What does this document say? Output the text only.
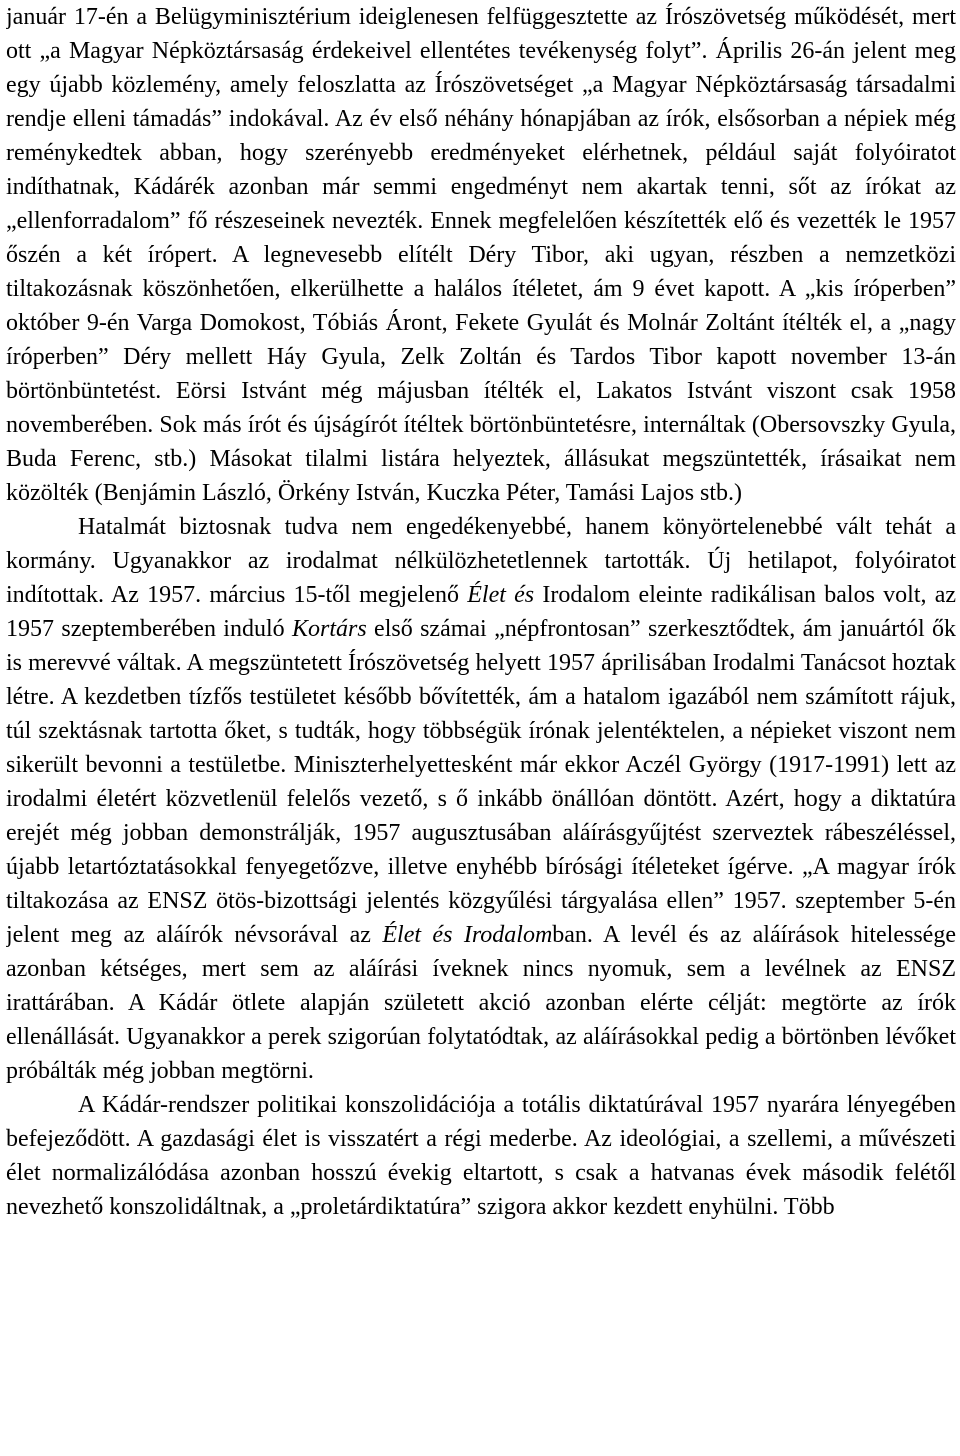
január 17-én a Belügyminisztérium ideiglenesen felfüggesztette az Írószövetség működését, mert ott „a Magyar Népköztársaság érdekeivel ellentétes tevékenység folyt”. Április 26-án jelent meg egy újabb közlemény, amely feloszlatta az Írószövetséget „a Magyar Népköztársaság társadalmi rendje elleni támadás” indokával. Az év első néhány hónapjában az írók, elsősorban a népiek még reménykedtek abban, hogy szerényebb eredményeket elérhetnek, például saját folyóiratot indíthatnak, Kádárék azonban már semmi engedményt nem akartak tenni, sőt az írókat az „ellenforradalom” fő részeseinek nevezték. Ennek megfelelően készítették elő és vezették le 1957 őszén a két írópert. A legnevesebb elítélt Déry Tibor, aki ugyan, részben a nemzetközi tiltakozásnak köszönhetően, elkerülhette a halálos ítéletet, ám 9 évet kapott. A „kis íróperben” október 9-én Varga Domokost, Tóbiás Áront, Fekete Gyulát és Molnár Zoltánt ítélték el, a „nagy íróperben” Déry mellett Háy Gyula, Zelk Zoltán és Tardos Tibor kapott november 13-án börtönbüntetést. Eörsi Istvánt még májusban ítélték el, Lakatos Istvánt viszont csak 1958 novemberében. Sok más írót és újságírót ítéltek börtönbüntetésre, internáltak (Obersovszky Gyula, Buda Ferenc, stb.) Másokat tilalmi listára helyeztek, állásukat megszüntették, írásaikat nem közölték (Benjámin László, Örkény István, Kuczka Péter, Tamási Lajos stb.)

Hatalmát biztosnak tudva nem engedékenyebbé, hanem könyörtelenebbé vált tehát a kormány. Ugyanakkor az irodalmat nélkülözhetetlennek tartották. Új hetilapot, folyóiratot indítottak. Az 1957. március 15-től megjelenő Élet és Irodalom eleinte radikálisan balos volt, az 1957 szeptemberében induló Kortárs első számai „népfrontosan” szerkesztődtek, ám januártól ők is merevvé váltak. A megszüntetett Írószövetség helyett 1957 áprilisában Irodalmi Tanácsot hoztak létre. A kezdetben tízfős testületet később bővítették, ám a hatalom igazából nem számított rájuk, túl szektásnak tartotta őket, s tudták, hogy többségük írónak jelentéktelen, a népieket viszont nem sikerült bevonni a testületbe. Miniszterhelyettesként már ekkor Aczél György (1917-1991) lett az irodalmi életért közvetlenül felelős vezető, s ő inkább önállóan döntött. Azért, hogy a diktatúra erejét még jobban demonstrálják, 1957 augusztusában aláírásgyűjtést szerveztek rábeszéléssel, újabb letartóztatásokkal fenyegetőzve, illetve enyhébb bírósági ítéleteket ígérve. „A magyar írók tiltakozása az ENSZ ötös-bizottsági jelentés közgyűlési tárgyalása ellen” 1957. szeptember 5-én jelent meg az aláírók névsorával az Élet és Irodalomban. A levél és az aláírások hitelessége azonban kétséges, mert sem az aláírási íveknek nincs nyomuk, sem a levélnek az ENSZ irattárában. A Kádár ötlete alapján született akció azonban elérte célját: megtörte az írók ellenállását. Ugyanakkor a perek szigorúan folytatódtak, az aláírásokkal pedig a börtönben lévőket próbálták még jobban megtörni.

A Kádár-rendszer politikai konszolidációja a totális diktatúrával 1957 nyarára lényegében befejeződött. A gazdasági élet is visszatért a régi mederbe. Az ideológiai, a szellemi, a művészeti élet normalizálódása azonban hosszú évekig eltartott, s csak a hatvanas évek második felétől nevezhető konszolidáltnak, a „proletárdiktatúra” szigora akkor kezdett enyhülni. Több
